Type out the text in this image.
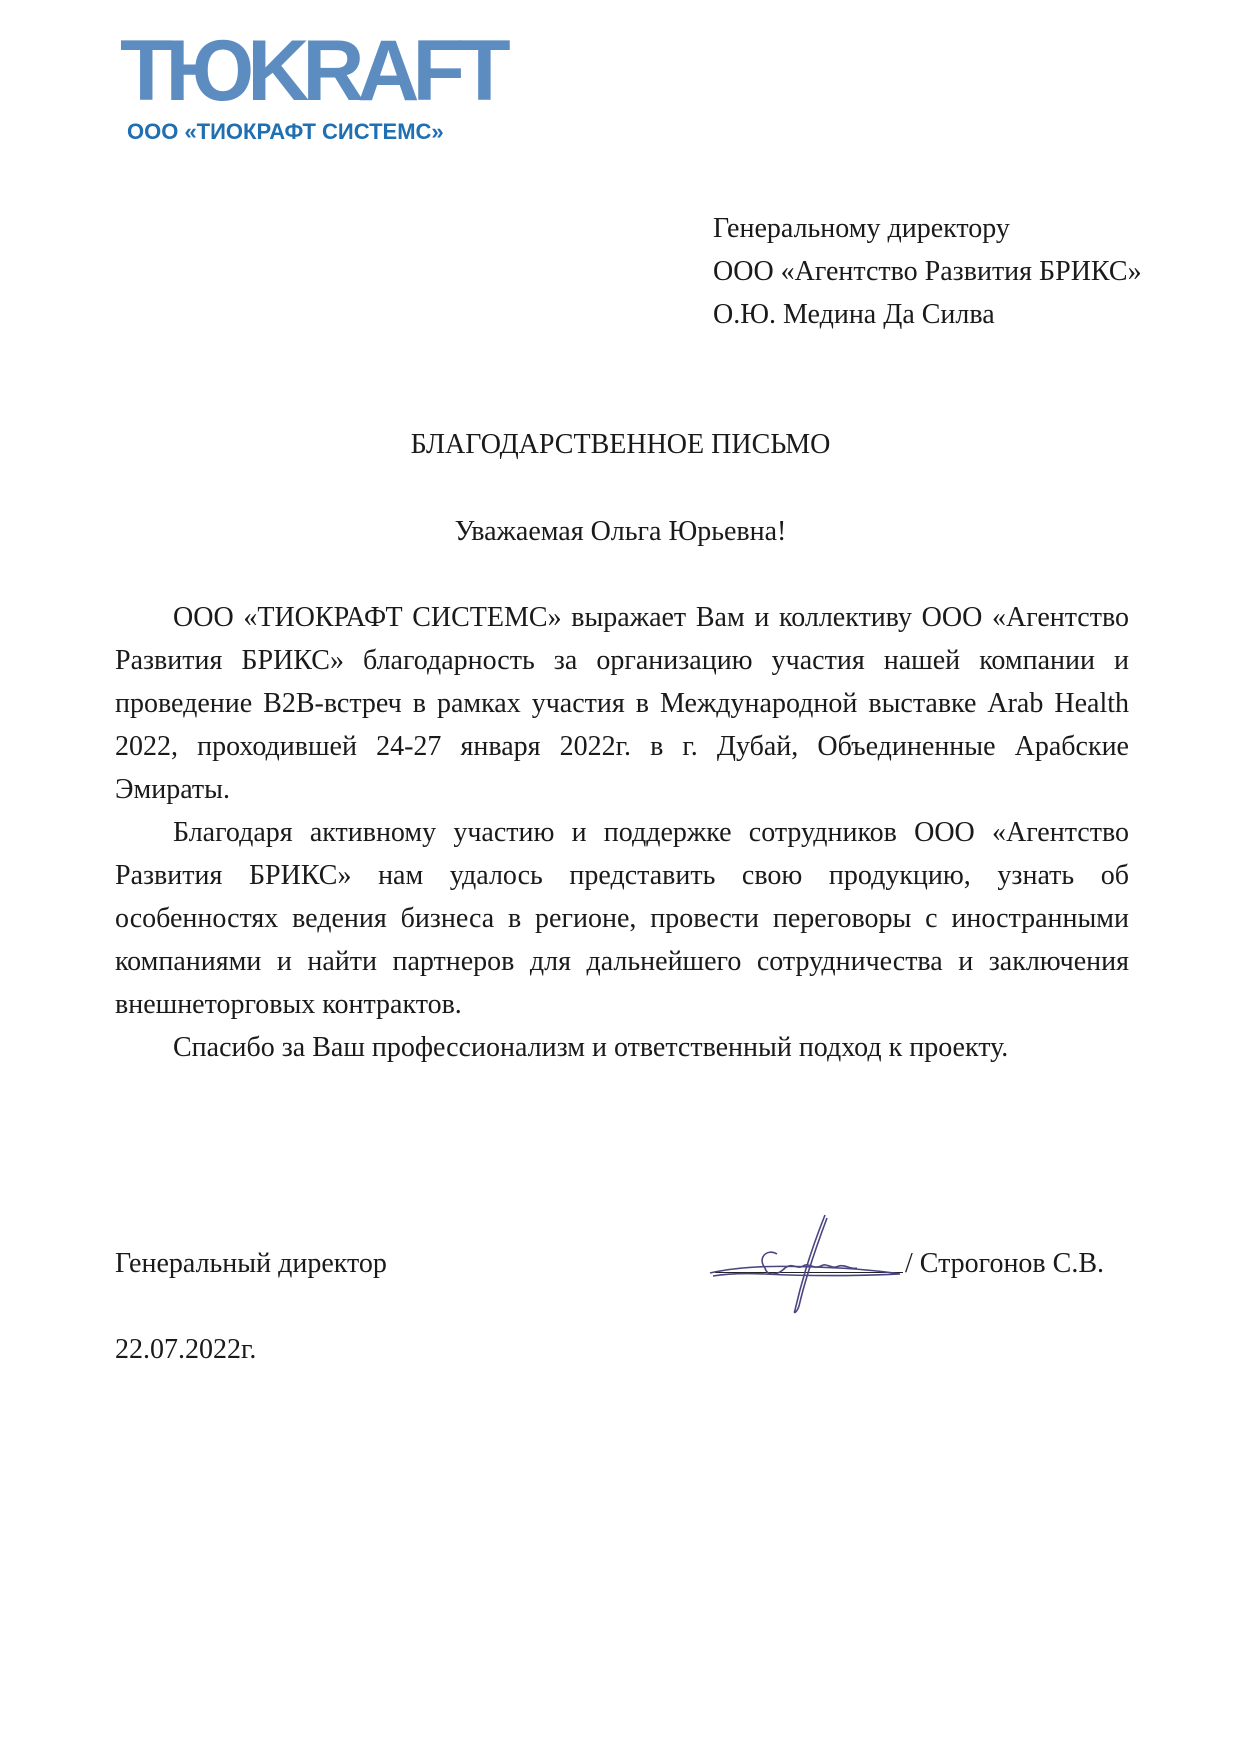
ТЮKRAFT
ООО «ТИОКРАФТ СИСТЕМС»
Генеральному директору
ООО «Агентство Развития БРИКС»
О.Ю. Медина Да Силва
БЛАГОДАРСТВЕННОЕ ПИСЬМО
Уважаемая Ольга Юрьевна!

ООО «ТИОКРАФТ СИСТЕМС» выражает Вам и коллективу ООО «Агентство Развития БРИКС» благодарность за организацию участия нашей компании и проведение B2B-встреч в рамках участия в Международной выставке Arab Health 2022, проходившей 24-27 января 2022г. в г. Дубай, Объединенные Арабские Эмираты.

Благодаря активному участию и поддержке сотрудников ООО «Агентство Развития БРИКС» нам удалось представить свою продукцию, узнать об особенностях ведения бизнеса в регионе, провести переговоры с иностранными компаниями и найти партнеров для дальнейшего сотрудничества и заключения внешнеторговых контрактов.

Спасибо за Ваш профессионализм и ответственный подход к проекту.

Генеральный директор	/ Строгонов С.В.
22.07.2022г.
